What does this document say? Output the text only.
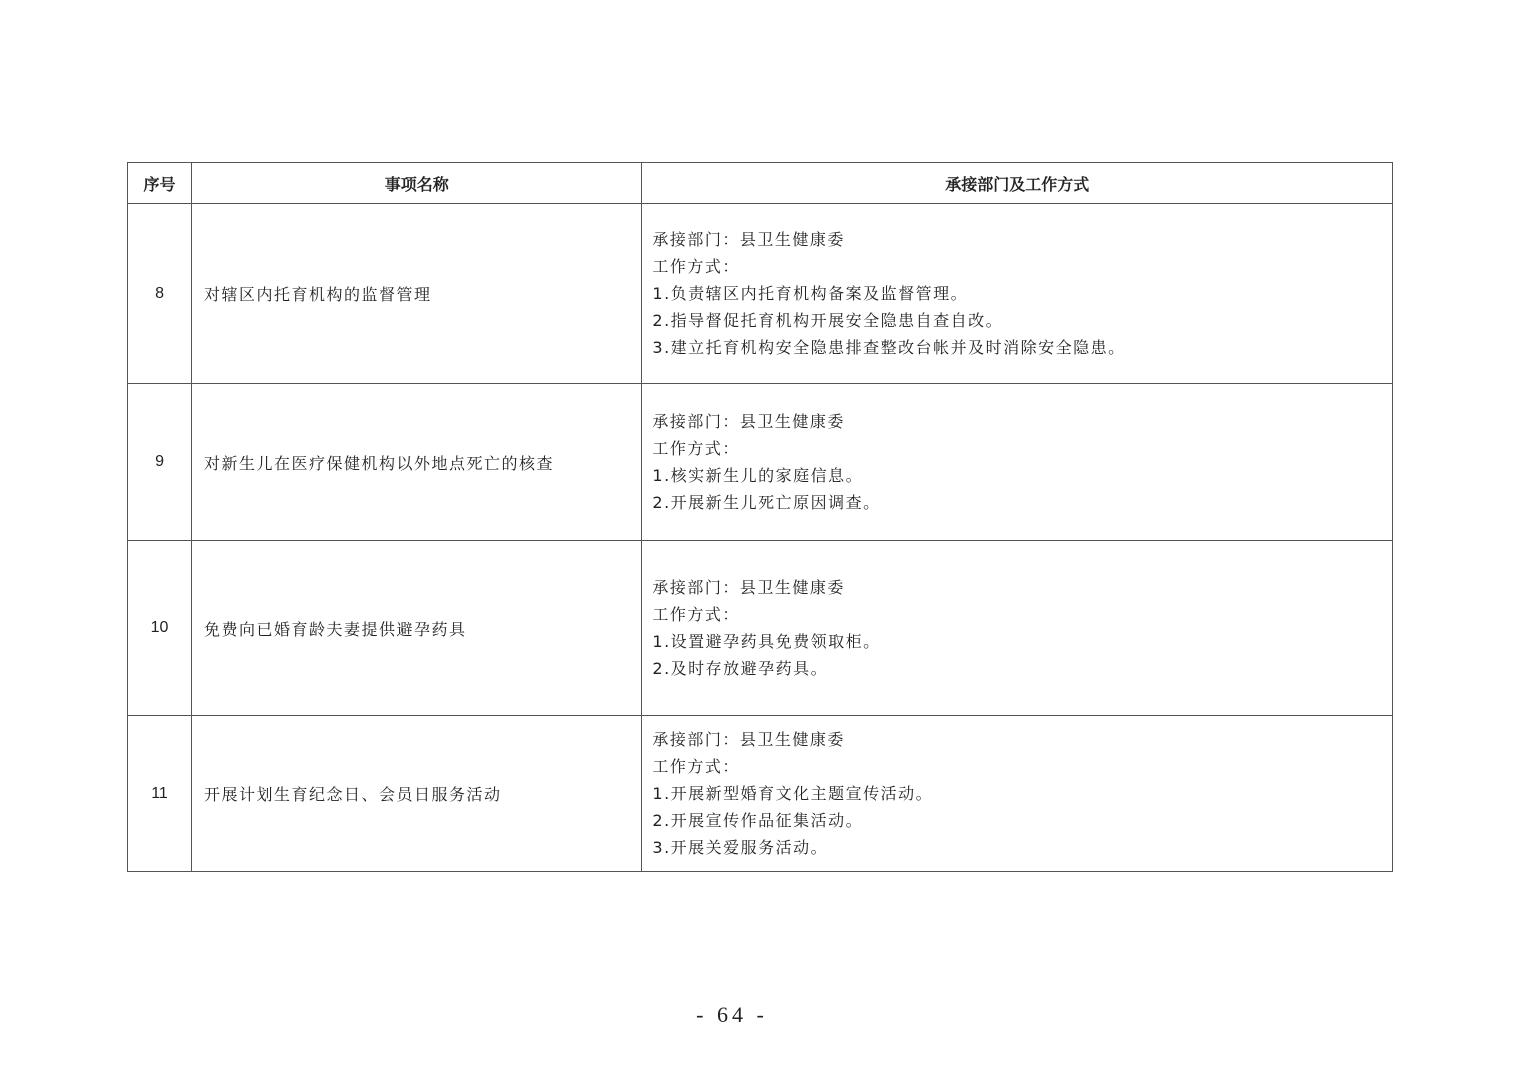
序号	事项名称	承接部门及工作方式
8	对辖区内托育机构的监督管理	承接部门：县卫生健康委
工作方式：
1.负责辖区内托育机构备案及监督管理。
2.指导督促托育机构开展安全隐患自查自改。
3.建立托育机构安全隐患排查整改台帐并及时消除安全隐患。

9	对新生儿在医疗保健机构以外地点死亡的核查	承接部门：县卫生健康委
工作方式：
1.核实新生儿的家庭信息。
2.开展新生儿死亡原因调查。

10	免费向已婚育龄夫妻提供避孕药具	承接部门：县卫生健康委
工作方式：
1.设置避孕药具免费领取柜。
2.及时存放避孕药具。

11	开展计划生育纪念日、会员日服务活动	承接部门：县卫生健康委
工作方式：
1.开展新型婚育文化主题宣传活动。
2.开展宣传作品征集活动。
3.开展关爱服务活动。
- 64 -
